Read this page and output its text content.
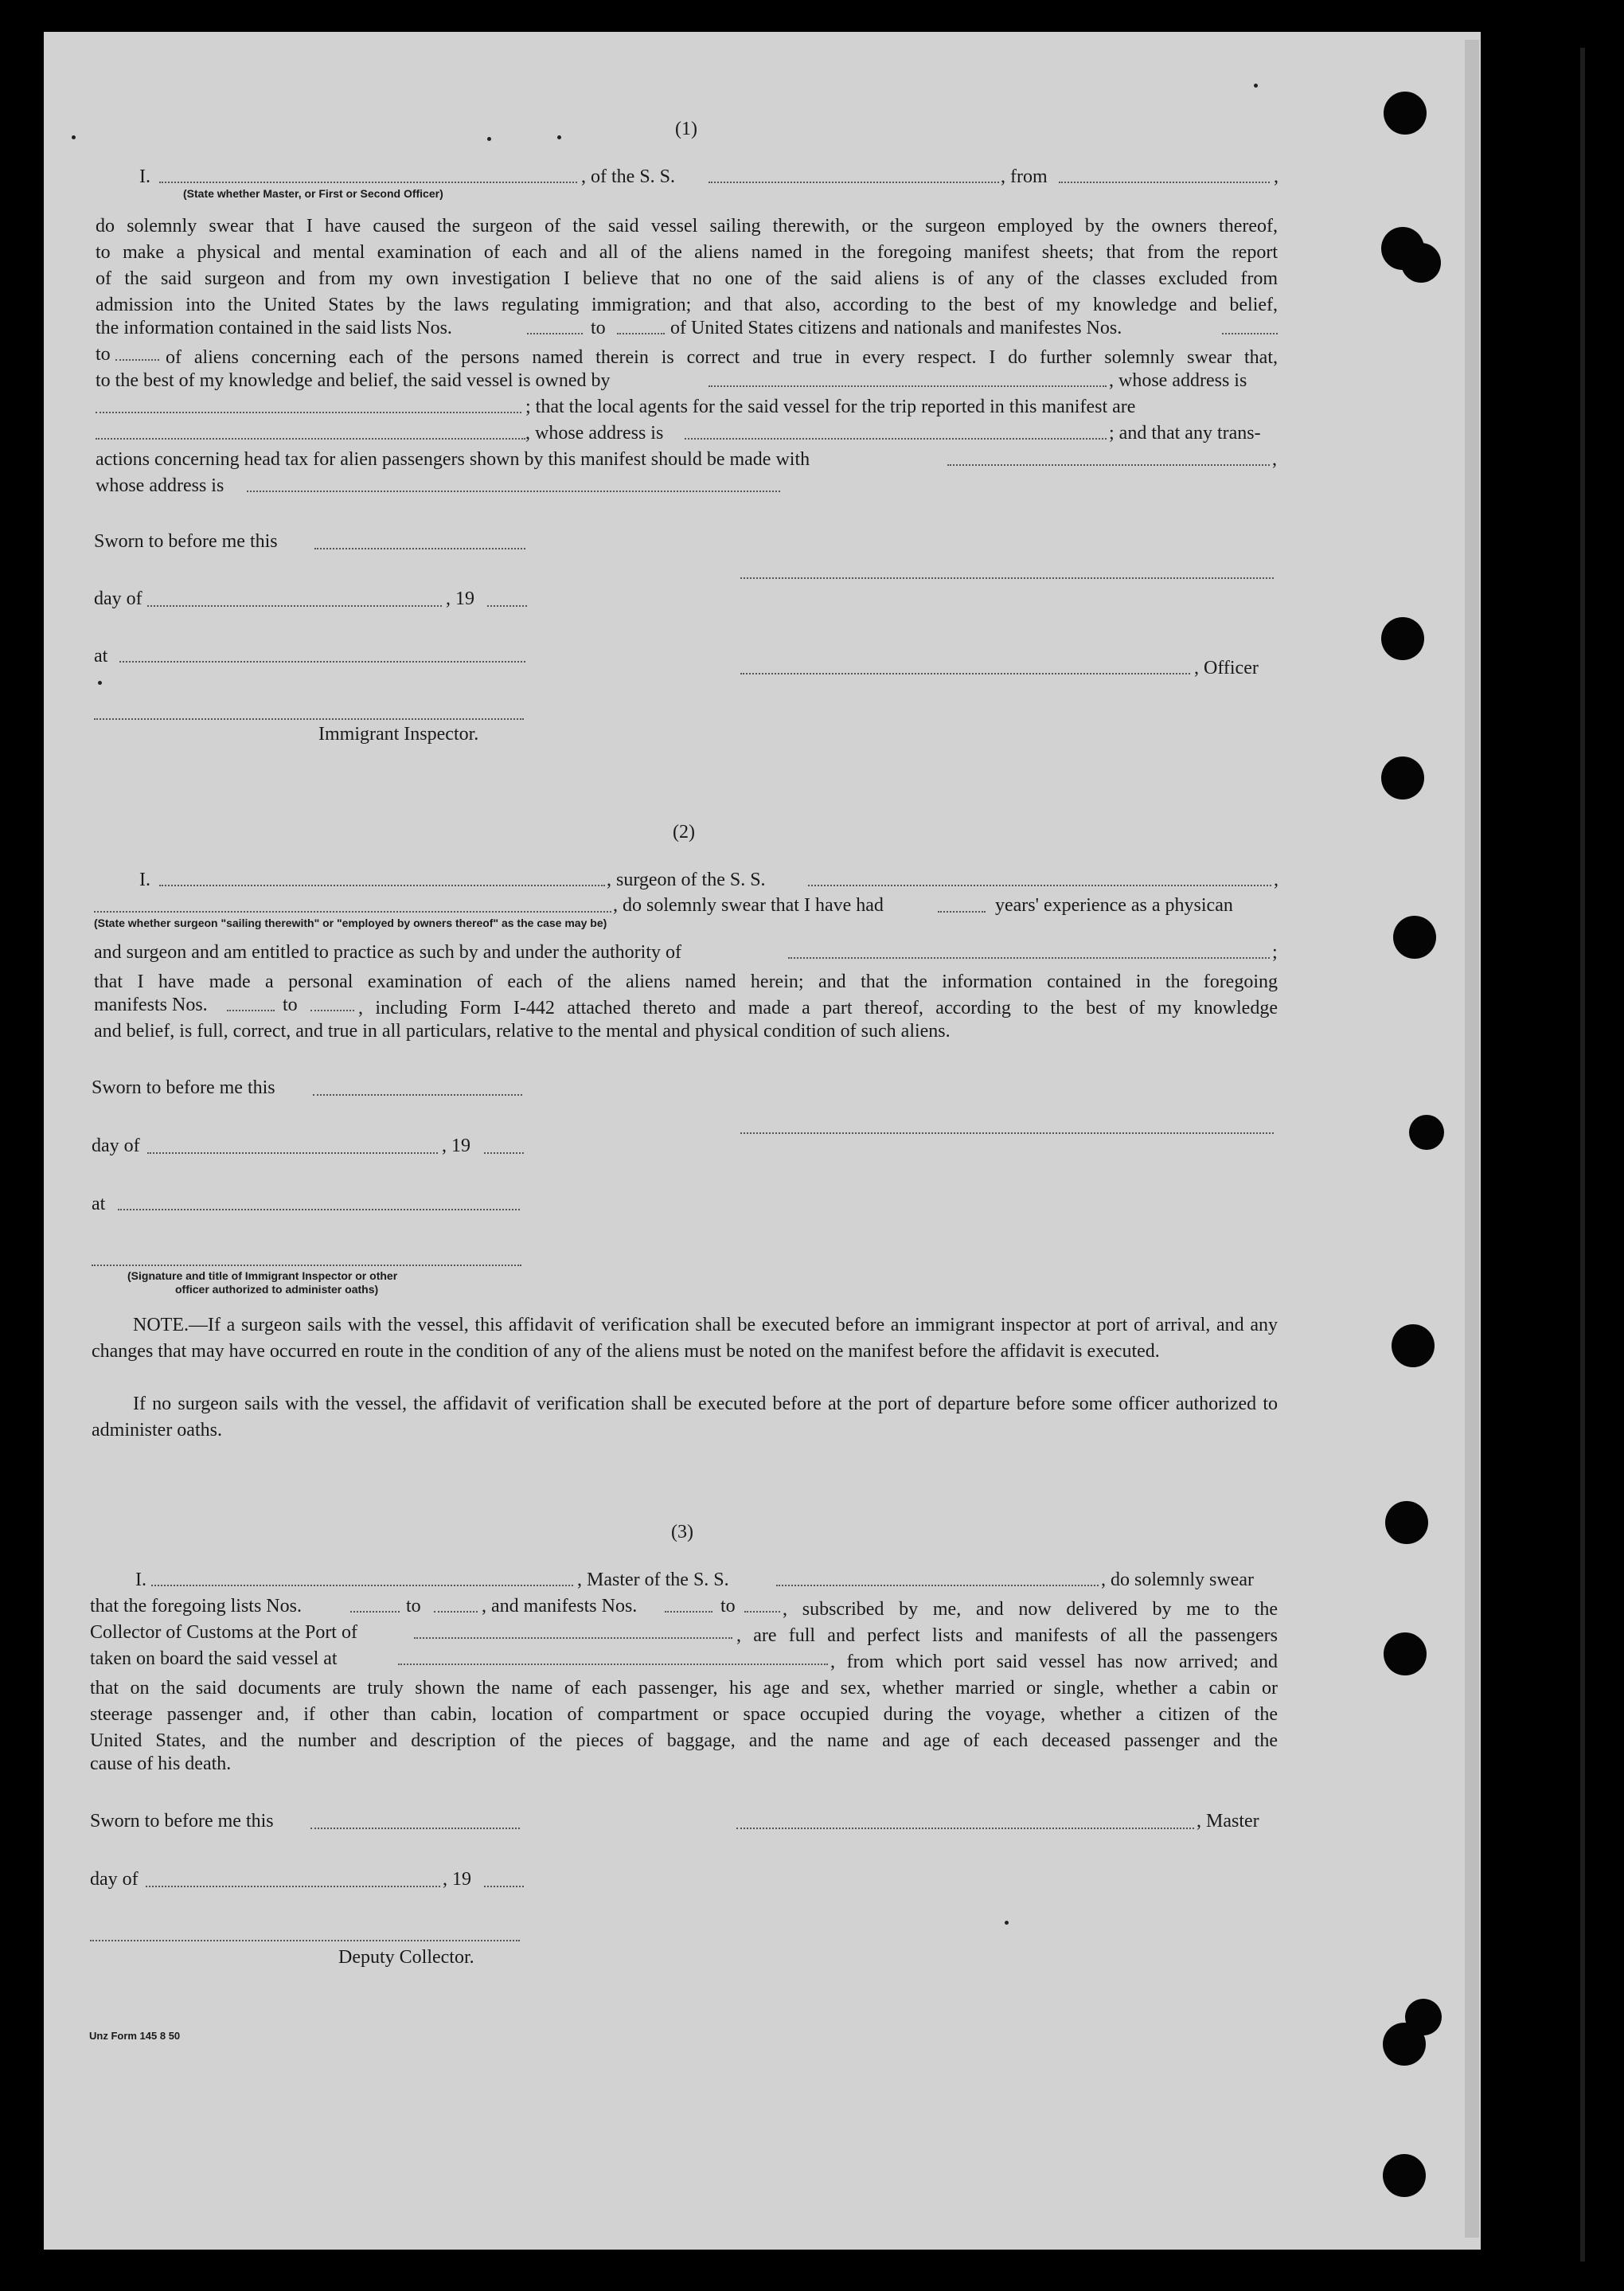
(1)
I.	, of the S. S.	, from	,
(State whether Master, or First or Second Officer)
do solemnly swear that I have caused the surgeon of the said vessel sailing therewith, or the surgeon employed by the owners thereof,
to make a physical and mental examination of each and all of the aliens named in the foregoing manifest sheets; that from the report
of the said surgeon and from my own investigation I believe that no one of the said aliens is of any of the classes excluded from
admission into the United States by the laws regulating immigration; and that also, according to the best of my knowledge and belief,
the information contained in the said lists Nos.	to	of United States citizens and nationals and manifestes Nos.
to	of aliens concerning each of the persons named therein is correct and true in every respect. I do further solemnly swear that,
to the best of my knowledge and belief, the said vessel is owned by	, whose address is
; that the local agents for the said vessel for the trip reported in this manifest are
, whose address is	; and that any trans-
actions concerning head tax for alien passengers shown by this manifest should be made with	,
whose address is
Sworn to before me this
day of	, 19
at
, Officer
Immigrant Inspector.
(2)
I.	, surgeon of the S. S.	,
, do solemnly swear that I have had	years' experience as a physican
(State whether surgeon "sailing therewith" or "employed by owners thereof" as the case may be)
and surgeon and am entitled to practice as such by and under the authority of	;
that I have made a personal examination of each of the aliens named herein; and that the information contained in the foregoing
manifests Nos.	to	, including Form I-442 attached thereto and made a part thereof, according to the best of my knowledge
and belief, is full, correct, and true in all particulars, relative to the mental and physical condition of such aliens.
Sworn to before me this
day of	, 19
at
(Signature and title of Immigrant Inspector or other
officer authorized to administer oaths)
NOTE.—If a surgeon sails with the vessel, this affidavit of verification shall be executed before an immigrant inspector at port of arrival, and any changes that may have occurred en route in the condition of any of the aliens must be noted on the manifest before the affidavit is executed.
If no surgeon sails with the vessel, the affidavit of verification shall be executed before at the port of departure before some officer authorized to administer oaths.
(3)
I.	, Master of the S. S.	, do solemnly swear
that the foregoing lists Nos.	to	, and manifests Nos.	to , subscribed by me, and now delivered by me to the
Collector of Customs at the Port of	, are full and perfect lists and manifests of all the passengers
taken on board the said vessel at	, from which port said vessel has now arrived; and
that on the said documents are truly shown the name of each passenger, his age and sex, whether married or single, whether a cabin or
steerage passenger and, if other than cabin, location of compartment or space occupied during the voyage, whether a citizen of the
United States, and the number and description of the pieces of baggage, and the name and age of each deceased passenger and the
cause of his death.
Sworn to before me this	, Master
day of	, 19
Deputy Collector.
Unz Form 145 8 50
